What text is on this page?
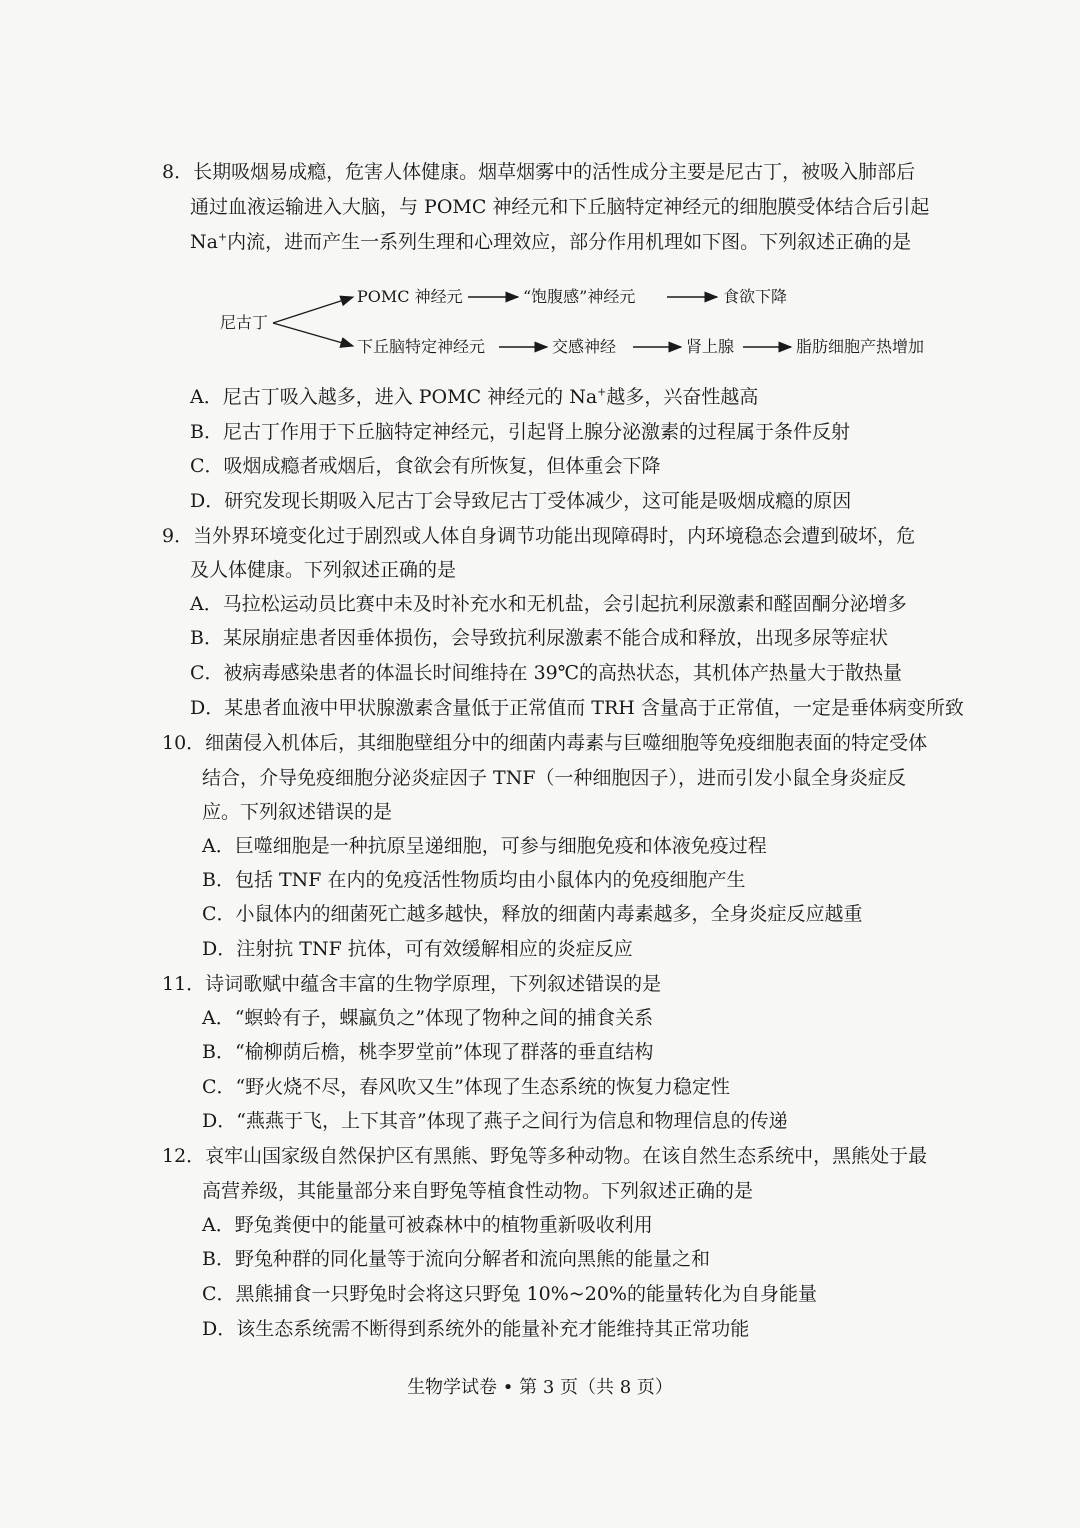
8．长期吸烟易成瘾，危害人体健康。烟草烟雾中的活性成分主要是尼古丁，被吸入肺部后
通过血液运输进入大脑，与 POMC 神经元和下丘脑特定神经元的细胞膜受体结合后引起
Na+内流，进而产生一系列生理和心理效应，部分作用机理如下图。下列叙述正确的是
尼古丁
POMC 神经元	“饱腹感”神经元	食欲下降
下丘脑特定神经元	交感神经	肾上腺	脂肪细胞产热增加
A．尼古丁吸入越多，进入 POMC 神经元的 Na+越多，兴奋性越高
B．尼古丁作用于下丘脑特定神经元，引起肾上腺分泌激素的过程属于条件反射
C．吸烟成瘾者戒烟后，食欲会有所恢复，但体重会下降
D．研究发现长期吸入尼古丁会导致尼古丁受体减少，这可能是吸烟成瘾的原因
9．当外界环境变化过于剧烈或人体自身调节功能出现障碍时，内环境稳态会遭到破坏，危
及人体健康。下列叙述正确的是
A．马拉松运动员比赛中未及时补充水和无机盐，会引起抗利尿激素和醛固酮分泌增多
B．某尿崩症患者因垂体损伤，会导致抗利尿激素不能合成和释放，出现多尿等症状
C．被病毒感染患者的体温长时间维持在 39℃的高热状态，其机体产热量大于散热量
D．某患者血液中甲状腺激素含量低于正常值而 TRH 含量高于正常值，一定是垂体病变所致
10．细菌侵入机体后，其细胞壁组分中的细菌内毒素与巨噬细胞等免疫细胞表面的特定受体
结合，介导免疫细胞分泌炎症因子 TNF（一种细胞因子），进而引发小鼠全身炎症反
应。下列叙述错误的是
A．巨噬细胞是一种抗原呈递细胞，可参与细胞免疫和体液免疫过程
B．包括 TNF 在内的免疫活性物质均由小鼠体内的免疫细胞产生
C．小鼠体内的细菌死亡越多越快，释放的细菌内毒素越多，全身炎症反应越重
D．注射抗 TNF 抗体，可有效缓解相应的炎症反应
11．诗词歌赋中蕴含丰富的生物学原理，下列叙述错误的是
A．“螟蛉有子，蜾蠃负之”体现了物种之间的捕食关系
B．“榆柳荫后檐，桃李罗堂前”体现了群落的垂直结构
C．“野火烧不尽，春风吹又生”体现了生态系统的恢复力稳定性
D．“燕燕于飞，上下其音”体现了燕子之间行为信息和物理信息的传递
12．哀牢山国家级自然保护区有黑熊、野兔等多种动物。在该自然生态系统中，黑熊处于最
高营养级，其能量部分来自野兔等植食性动物。下列叙述正确的是
A．野兔粪便中的能量可被森林中的植物重新吸收利用
B．野兔种群的同化量等于流向分解者和流向黑熊的能量之和
C．黑熊捕食一只野兔时会将这只野兔 10%~20%的能量转化为自身能量
D．该生态系统需不断得到系统外的能量补充才能维持其正常功能
生物学试卷 • 第 3 页（共 8 页）
